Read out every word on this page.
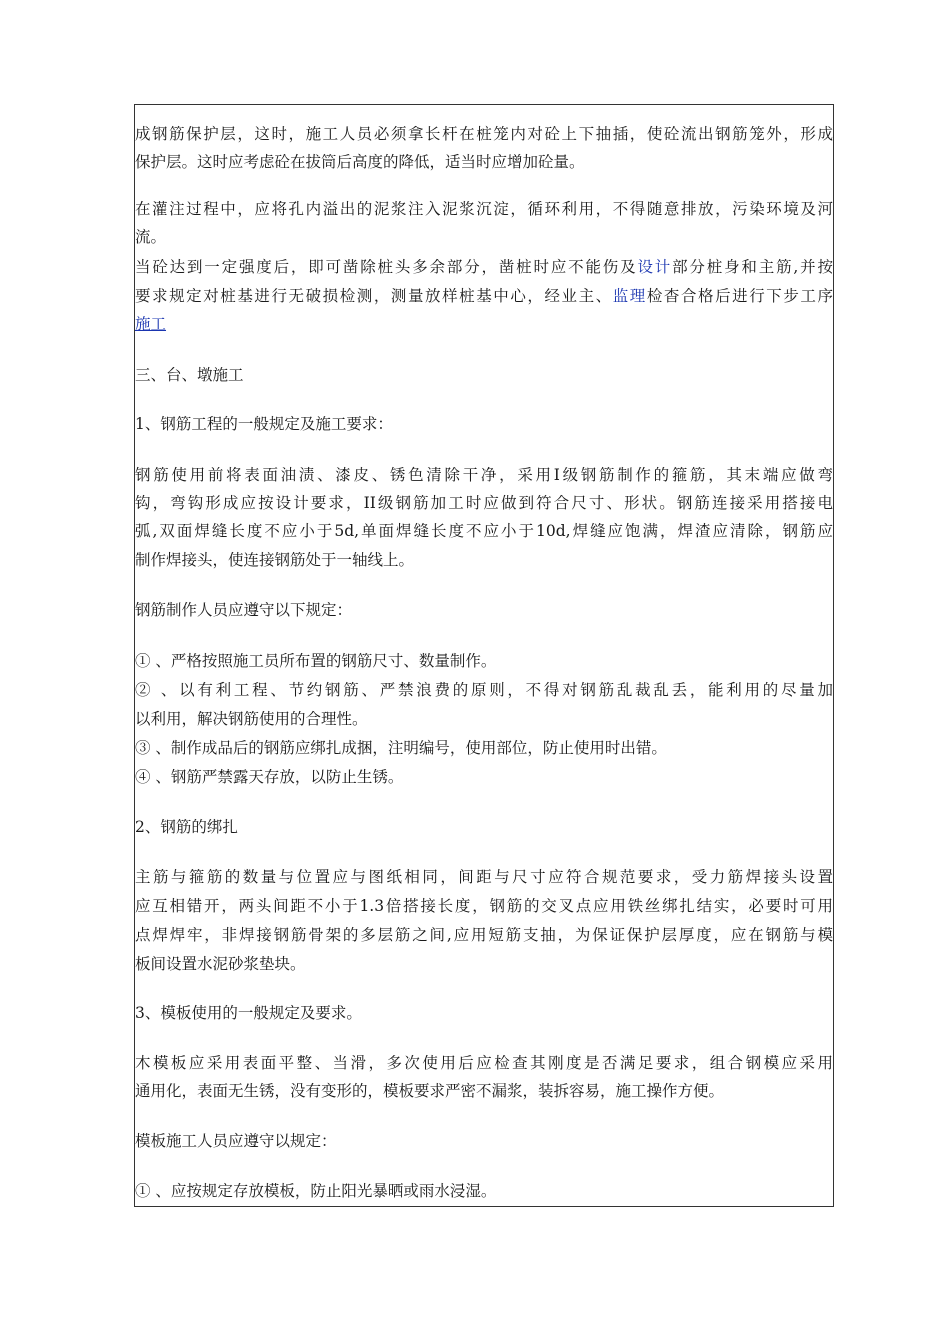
成钢筋保护层，这时，施工人员必须拿长杆在桩笼内对砼上下抽插，使砼流出钢筋笼外，形成
保护层。这时应考虑砼在拔筒后高度的降低，适当时应增加砼量。
在灌注过程中，应将孔内溢出的泥浆注入泥浆沉淀，循环利用，不得随意排放，污染环境及河
流。
当砼达到一定强度后，即可凿除桩头多余部分，凿桩时应不能伤及设计部分桩身和主筋,并按
要求规定对桩基进行无破损检测，测量放样桩基中心，经业主、监理检杳合格后进行下步工序
施工
三、台、墩施工
1、钢筋工程的一般规定及施工要求：
钢筋使用前将表面油渍、漆皮、锈色清除干净，采用I级钢筋制作的箍筋，其末端应做弯
钩，弯钩形成应按设计要求，II级钢筋加工时应做到符合尺寸、形状。钢筋连接采用搭接电
弧,双面焊缝长度不应小于5d,单面焊缝长度不应小于10d,焊缝应饱满，焊渣应清除，钢筋应
制作焊接头，使连接钢筋处于一轴线上。
钢筋制作人员应遵守以下规定：
① 、严格按照施工员所布置的钢筋尺寸、数量制作。
② 、以有利工程、节约钢筋、严禁浪费的原则，不得对钢筋乱裁乱丢，能利用的尽量加
以利用，解决钢筋使用的合理性。
③ 、制作成品后的钢筋应绑扎成捆，注明编号，使用部位，防止使用时出错。
④ 、钢筋严禁露天存放，以防止生锈。
2、钢筋的绑扎
主筋与箍筋的数量与位置应与图纸相同，间距与尺寸应符合规范要求，受力筋焊接头设置
应互相错开，两头间距不小于1.3倍搭接长度，钢筋的交叉点应用铁丝绑扎结实，必要时可用
点焊焊牢，非焊接钢筋骨架的多层筋之间,应用短筋支抽，为保证保护层厚度，应在钢筋与模
板间设置水泥砂浆垫块。
3、模板使用的一般规定及要求。
木模板应采用表面平整、当滑，多次使用后应检查其刚度是否满足要求，组合钢模应采用
通用化，表面无生锈，没有变形的，模板要求严密不漏浆，装拆容易，施工操作方便。
模板施工人员应遵守以规定：
① 、应按规定存放模板，防止阳光暴晒或雨水浸湿。
